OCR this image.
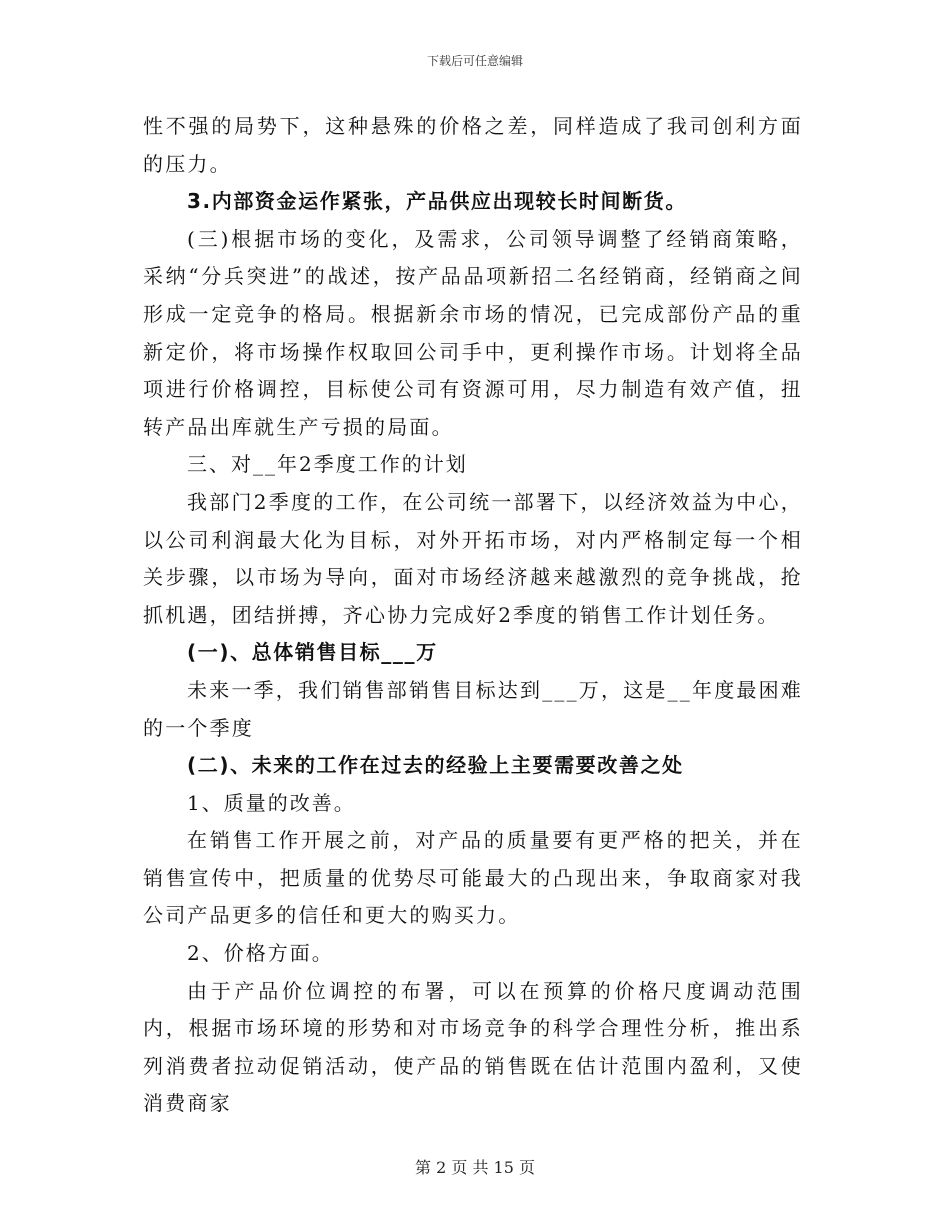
下载后可任意编辑

性不强的局势下，这种悬殊的价格之差，同样造成了我司创利方面的压力。

3.内部资金运作紧张，产品供应出现较长时间断货。

(三)根据市场的变化，及需求，公司领导调整了经销商策略，采纳“分兵突进”的战述，按产品品项新招二名经销商，经销商之间形成一定竞争的格局。根据新余市场的情况，已完成部份产品的重新定价，将市场操作权取回公司手中，更利操作市场。计划将全品项进行价格调控，目标使公司有资源可用，尽力制造有效产值，扭转产品出库就生产亏损的局面。

三、对__年2季度工作的计划

我部门2季度的工作，在公司统一部署下，以经济效益为中心，以公司利润最大化为目标，对外开拓市场，对内严格制定每一个相关步骤，以市场为导向，面对市场经济越来越激烈的竞争挑战，抢抓机遇，团结拼搏，齐心协力完成好2季度的销售工作计划任务。

(一)、总体销售目标___万

未来一季，我们销售部销售目标达到___万，这是__年度最困难的一个季度

(二)、未来的工作在过去的经验上主要需要改善之处

1、质量的改善。

在销售工作开展之前，对产品的质量要有更严格的把关，并在销售宣传中，把质量的优势尽可能最大的凸现出来，争取商家对我公司产品更多的信任和更大的购买力。

2、价格方面。

由于产品价位调控的布署，可以在预算的价格尺度调动范围内，根据市场环境的形势和对市场竞争的科学合理性分析，推出系列消费者拉动促销活动，使产品的销售既在估计范围内盈利，又使消费商家

第 2 页 共 15 页
